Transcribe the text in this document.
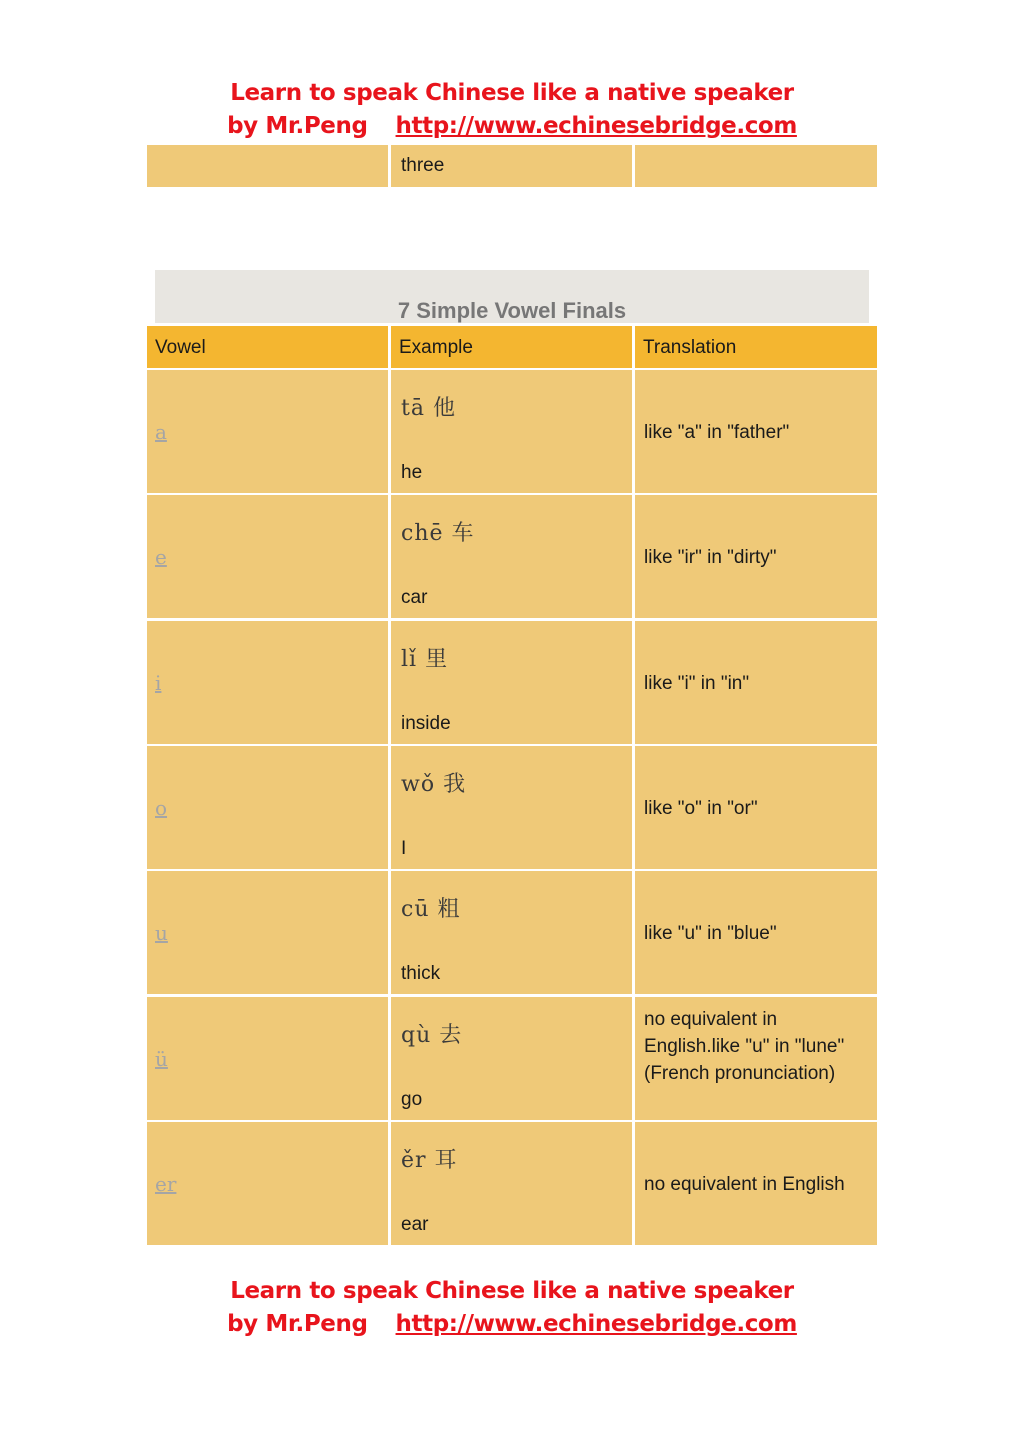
Learn to speak Chinese like a native speaker
by Mr.Peng http://www.echinesebridge.com
three
7 Simple Vowel Finals
Vowel	Example	Translation
a
tā 他
he
like "a" in "father"
e
chē 车
car
like "ir" in "dirty"
i
lǐ 里
inside
like "i" in "in"
o
wǒ 我
I
like "o" in "or"
u
cū 粗
thick
like "u" in "blue"
ü
qù 去
go
no equivalent in English.like "u" in "lune"(French pronunciation)
er
ěr 耳
ear
no equivalent in English
Learn to speak Chinese like a native speaker
by Mr.Peng http://www.echinesebridge.com
